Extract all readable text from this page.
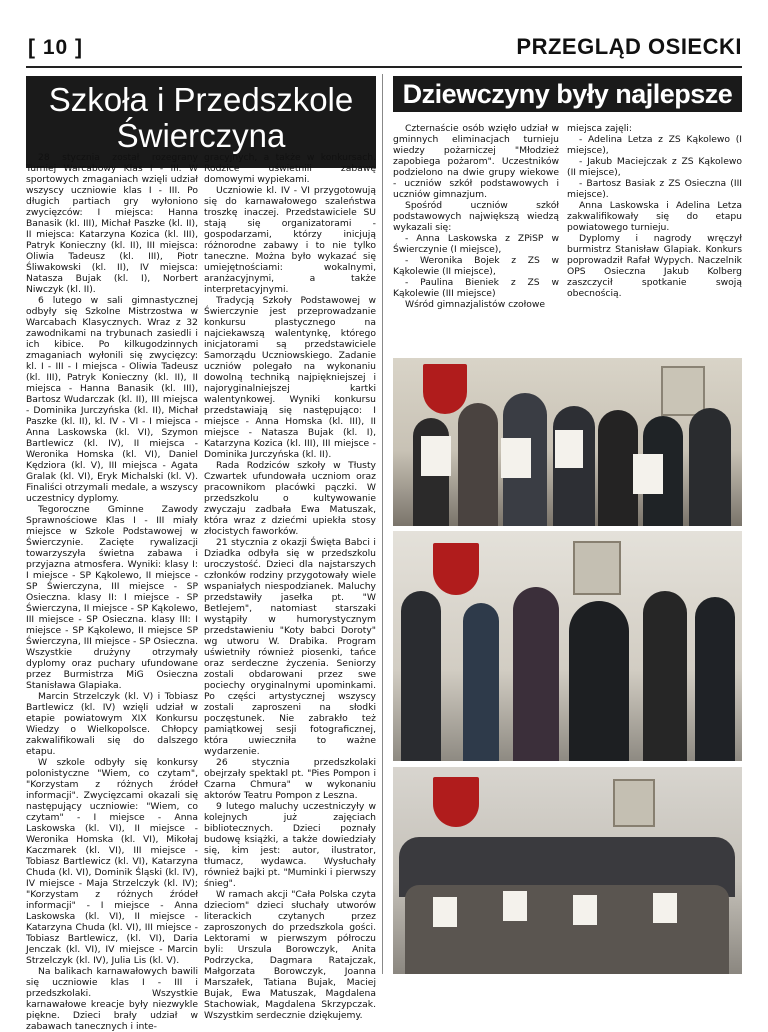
[ 10 ]	PRZEGLĄD OSIECKI
Szkoła i Przedszkole
Świerczyna
Dziewczyny były najlepsze

28 stycznia został rozegrany Turniej Warcabowy Klas I - III. W sportowych zmaganiach wzięli udział wszyscy uczniowie klas I - III. Po długich partiach gry wyłoniono zwycięzców: I miejsca: Hanna Banasik (kl. III), Michał Paszke (kl. II), II miejsca: Katarzyna Kozica (kl. III), Patryk Konieczny (kl. II), III miejsca: Oliwia Tadeusz (kl. III), Piotr Śliwakowski (kl. II), IV miejsca: Natasza Bujak (kl. I), Norbert Niwczyk (kl. II).

6 lutego w sali gimnastycznej odbyły się Szkolne Mistrzostwa w Warcabach Klasycznych. Wraz z 32 zawodnikami na trybunach zasiedli i ich kibice. Po kilkugodzinnych zmaganiach wyłonili się zwycięzcy: kl. I - III - I miejsca - Oliwia Tadeusz (kl. III), Patryk Konieczny (kl. II), II miejsca - Hanna Banasik (kl. III), Bartosz Wudarczak (kl. II), III miejsca - Dominika Jurczyńska (kl. II), Michał Paszke (kl. II), kl. IV - VI - I miejsca - Anna Laskowska (kl. VI), Szymon Bartlewicz (kl. IV), II miejsca - Weronika Homska (kl. VI), Daniel Kędziora (kl. V), III miejsca - Agata Gralak (kl. VI), Eryk Michalski (kl. V). Finaliści otrzymali medale, a wszyscy uczestnicy dyplomy.

Tegoroczne Gminne Zawody Sprawnościowe Klas I - III miały miejsce w Szkole Podstawowej w Świerczynie. Zacięte rywalizacji towarzyszyła świetna zabawa i przyjazna atmosfera. Wyniki: klasy I: I miejsce - SP Kąkolewo, II miejsce - SP Świerczyna, III miejsce - SP Osieczna. klasy II: I miejsce - SP Świerczyna, II miejsce - SP Kąkolewo, III miejsce - SP Osieczna. klasy III: I miejsce - SP Kąkolewo, II miejsce SP Świerczyna, III miejsce - SP Osieczna. Wszystkie drużyny otrzymały dyplomy oraz puchary ufundowane przez Burmistrza MiG Osieczna Stanisława Glapiaka.

Marcin Strzelczyk (kl. V) i Tobiasz Bartlewicz (kl. IV) wzięli udział w etapie powiatowym XIX Konkursu Wiedzy o Wielkopolsce. Chłopcy zakwalifikowali się do dalszego etapu.

W szkole odbyły się konkursy polonistyczne "Wiem, co czytam", "Korzystam z różnych źródeł informacji". Zwycięzcami okazali się następujący uczniowie: "Wiem, co czytam" - I miejsce - Anna Laskowska (kl. VI), II miejsce - Weronika Homska (kl. VI), Mikołaj Kaczmarek (kl. VI), III miejsce - Tobiasz Bartlewicz (kl. VI), Katarzyna Chuda (kl. VI), Dominik Śląski (kl. IV), IV miejsce - Maja Strzelczyk (kl. IV); "Korzystam z różnych źródeł informacji" - I miejsce - Anna Laskowska (kl. VI), II miejsce - Katarzyna Chuda (kl. VI), III miejsce - Tobiasz Bartlewicz, (kl. VI), Daria Jenczak (kl. VI), IV miejsce - Marcin Strzelczyk (kl. IV), Julia Lis (kl. V).

Na balikach karnawałowych bawili się uczniowie klas I - III i przedszkolaki. Wszystkie karnawałowe kreacje były niezwykle piękne. Dzieci brały udział w zabawach tanecznych i inte-

gracyjnych, a także w konkursach. Rodzice uświetnili zabawę domowymi wypiekami.

Uczniowie kl. IV - VI przygotowują się do karnawałowego szaleństwa troszkę inaczej. Przedstawiciele SU stają się organizatorami - gospodarzami, którzy inicjują różnorodne zabawy i to nie tylko taneczne. Można było wykazać się umiejętnościami: wokalnymi, aranżacyjnymi, a także interpretacyjnymi.

Tradycją Szkoły Podstawowej w Świerczynie jest przeprowadzanie konkursu plastycznego na najciekawszą walentynkę, którego inicjatorami są przedstawiciele Samorządu Uczniowskiego. Zadanie uczniów polegało na wykonaniu dowolną techniką najpiękniejszej i najoryginalniejszej kartki walentynkowej. Wyniki konkursu przedstawiają się następująco: I miejsce - Anna Homska (kl. III), II miejsce - Natasza Bujak (kl. I), Katarzyna Kozica (kl. III), III miejsce - Dominika Jurczyńska (kl. II).

Rada Rodziców szkoły w Tłusty Czwartek ufundowała uczniom oraz pracownikom placówki pączki. W przedszkolu o kultywowanie zwyczaju zadbała Ewa Matuszak, która wraz z dziećmi upiekła stosy złocistych faworków.

21 stycznia z okazji Święta Babci i Dziadka odbyła się w przedszkolu uroczystość. Dzieci dla najstarszych członków rodziny przygotowały wiele wspaniałych niespodzianek. Maluchy przedstawiły jasełka pt. "W Betlejem", natomiast starszaki wystąpiły w humorystycznym przedstawieniu "Koty babci Doroty" wg utworu W. Drabika. Program uświetniły również piosenki, tańce oraz serdeczne życzenia. Seniorzy zostali obdarowani przez swe pociechy oryginalnymi upominkami. Po części artystycznej wszyscy zostali zaproszeni na słodki poczęstunek. Nie zabrakło też pamiątkowej sesji fotograficznej, która uwieczniła to ważne wydarzenie.

26 stycznia przedszkolaki obejrzały spektakl pt. "Pies Pompon i Czarna Chmura" w wykonaniu aktorów Teatru Pompon z Leszna.

9 lutego maluchy uczestniczyły w kolejnych już zajęciach bibliotecznych. Dzieci poznały budowę książki, a także dowiedziały się, kim jest: autor, ilustrator, tłumacz, wydawca. Wysłuchały również bajki pt. "Muminki i pierwszy śnieg".

W ramach akcji "Cała Polska czyta dzieciom" dzieci słuchały utworów literackich czytanych przez zaproszonych do przedszkola gości. Lektorami w pierwszym półroczu byli: Urszula Borowczyk, Anita Podrzycka, Dagmara Ratajczak, Małgorzata Borowczyk, Joanna Marszałek, Tatiana Bujak, Maciej Bujak, Ewa Matuszak, Magdalena Stachowiak, Magdalena Skrzypczak. Wszystkim serdecznie dziękujemy.

Czternaście osób wzięło udział w gminnych eliminacjach turnieju wiedzy pożarniczej "Młodzież zapobiega pożarom". Uczestników podzielono na dwie grupy wiekowe - uczniów szkół podstawowych i uczniów gimnazjum.

Spośród uczniów szkół podstawowych największą wiedzą wykazali się:

- Anna Laskowska z ZPiSP w Świerczynie (I miejsce),

- Weronika Bojek z ZS w Kąkolewie (II miejsce),

- Paulina Bieniek z ZS w Kąkolewie (III miejsce)

Wśród gimnazjalistów czołowe

miejsca zajęli:

- Adelina Letza z ZS Kąkolewo (I miejsce),

- Jakub Maciejczak z ZS Kąkolewo (II miejsce),

- Bartosz Basiak z ZS Osieczna (III miejsce).

Anna Laskowska i Adelina Letza zakwalifikowały się do etapu powiatowego turnieju.

Dyplomy i nagrody wręczył burmistrz Stanisław Glapiak. Konkurs poprowadził Rafał Wypych. Naczelnik OPS Osieczna Jakub Kolberg zaszczycił spotkanie swoją obecnością.
